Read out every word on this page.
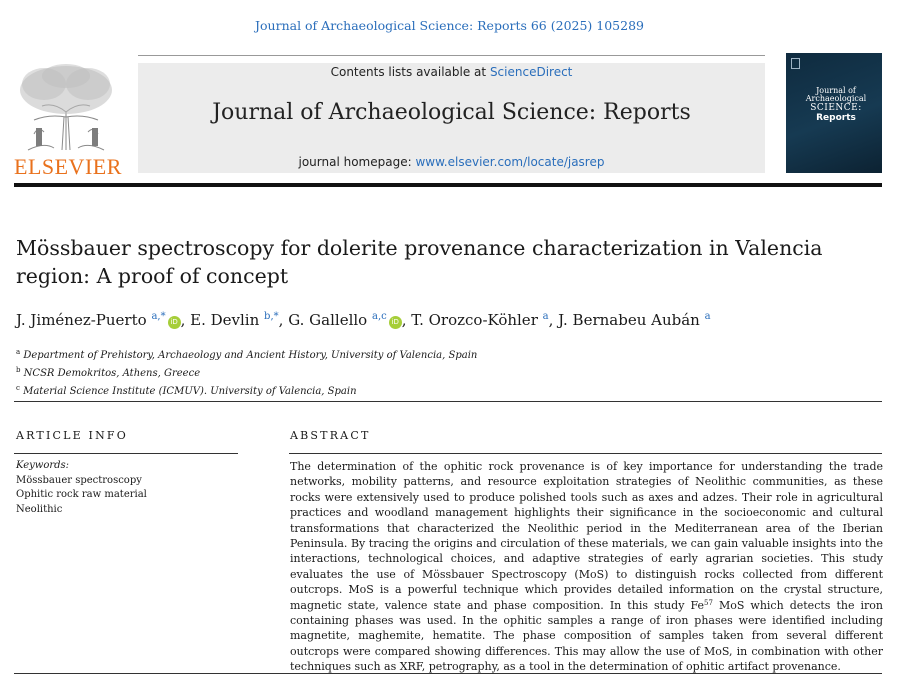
Journal of Archaeological Science: Reports 66 (2025) 105289
ELSEVIER
Contents lists available at ScienceDirect
Journal of Archaeological Science: Reports
journal homepage: www.elsevier.com/locate/jasrep
Journal of
Archaeological
SCIENCE:
Reports
Mössbauer spectroscopy for dolerite provenance characterization in Valencia region: A proof of concept
J. Jiménez-Puerto $^{a,*}$ iD , E. Devlin $^{b,*}$, G. Gallello $^{a,c}$ iD , T. Orozco-Köhler $^a$, J. Bernabeu Aubán $^a$
$^a$ Department of Prehistory, Archaeology and Ancient History, University of Valencia, Spain
$^b$ NCSR Demokritos, Athens, Greece
$^c$ Material Science Institute (ICMUV). University of Valencia, Spain
ARTICLE INFO	ABSTRACT
Keywords:
Mössbauer spectroscopy
Ophitic rock raw material
Neolithic
The determination of the ophitic rock provenance is of key importance for understanding the trade networks, mobility patterns, and resource exploitation strategies of Neolithic communities, as these rocks were extensively used to produce polished tools such as axes and adzes. Their role in agricultural practices and woodland management highlights their significance in the socioeconomic and cultural transformations that characterized the Neolithic period in the Mediterranean area of the Iberian Peninsula. By tracing the origins and circulation of these materials, we can gain valuable insights into the interactions, technological choices, and adaptive strategies of early agrarian societies. This study evaluates the use of Mössbauer Spectroscopy (MoS) to distinguish rocks collected from different outcrops. MoS is a powerful technique which provides detailed information on the crystal structure, magnetic state, valence state and phase composition. In this study Fe$^{57}$ MoS which detects the iron containing phases was used. In the ophitic samples a range of iron phases were identified including magnetite, maghemite, hematite. The phase composition of samples taken from several different outcrops were compared showing differences. This may allow the use of MoS, in combination with other techniques such as XRF, petrography, as a tool in the determination of ophitic artifact provenance.
